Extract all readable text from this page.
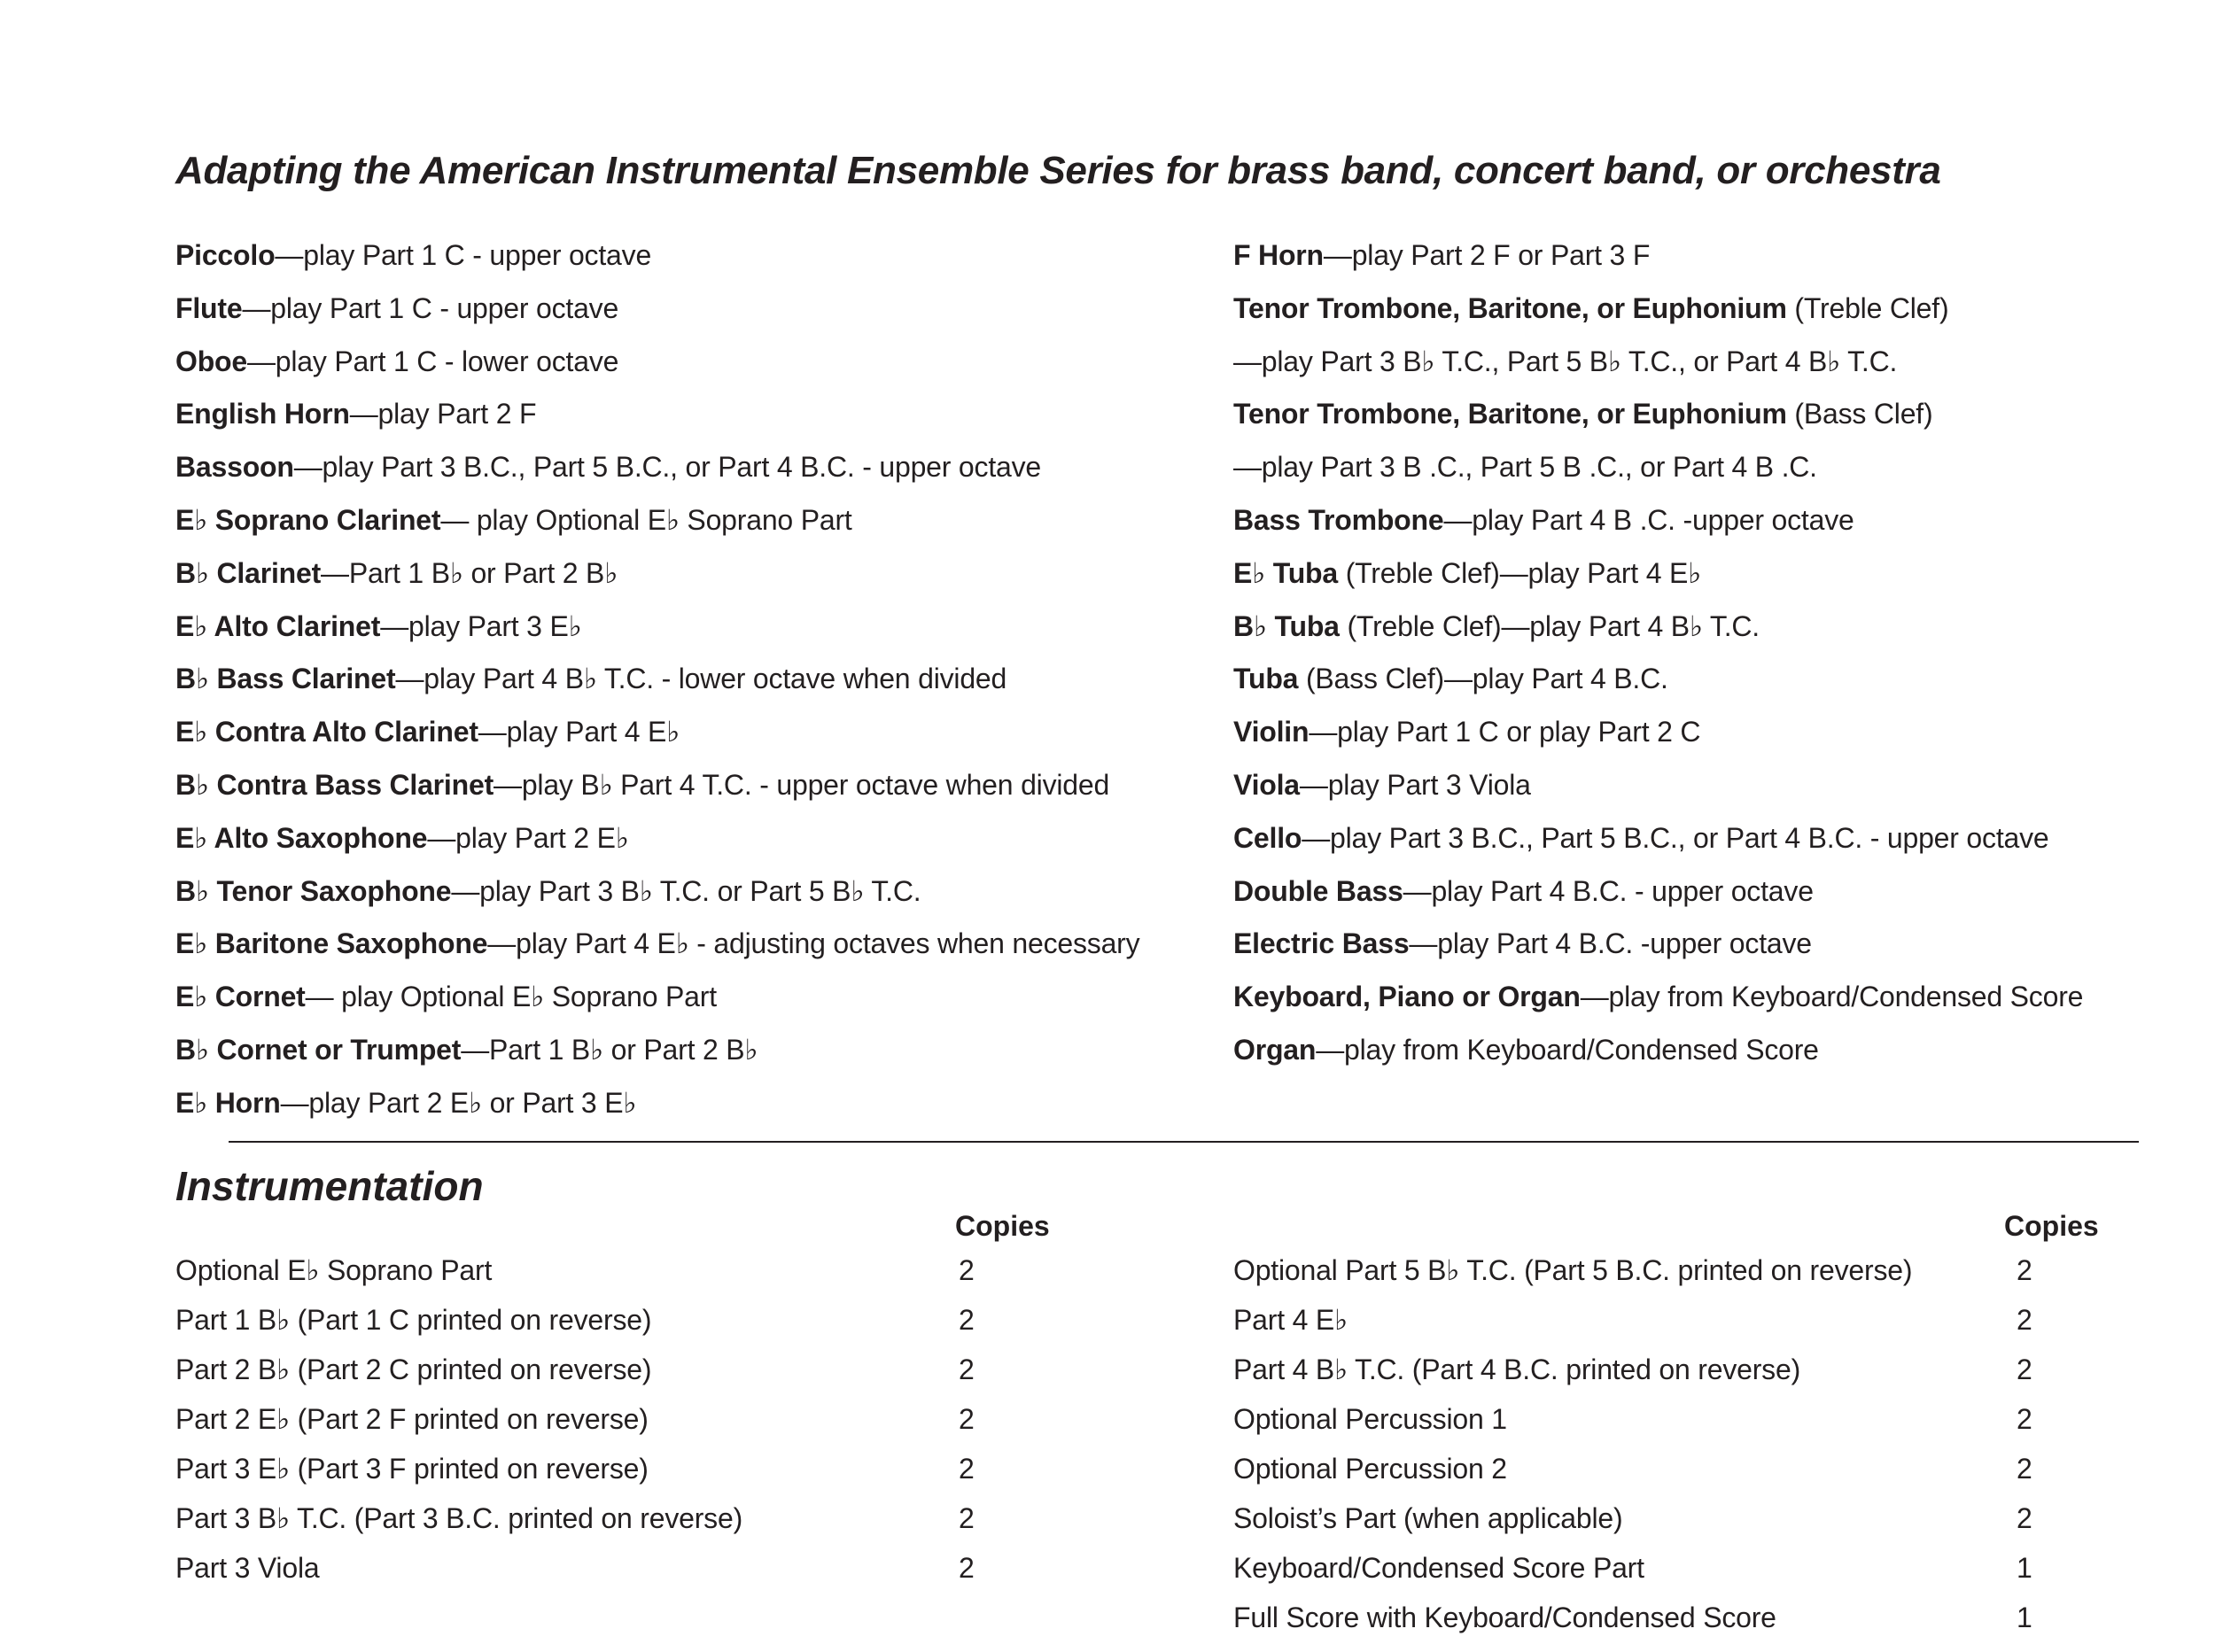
Adapting the American Instrumental Ensemble Series for brass band, concert band, or orchestra
Piccolo—play Part 1 C - upper octave
Flute—play Part 1 C - upper octave
Oboe—play Part 1 C - lower octave
English Horn—play Part 2 F
Bassoon—play Part 3 B.C., Part 5 B.C., or Part 4 B.C. - upper octave
E♭ Soprano Clarinet— play Optional E♭ Soprano Part
B♭ Clarinet—Part 1 B♭ or Part 2 B♭
E♭ Alto Clarinet—play Part 3 E♭
B♭ Bass Clarinet—play Part 4 B♭ T.C. - lower octave when divided
E♭ Contra Alto Clarinet—play Part 4 E♭
B♭ Contra Bass Clarinet—play B♭ Part 4 T.C. - upper octave when divided
E♭ Alto Saxophone—play Part 2 E♭
B♭ Tenor Saxophone—play Part 3 B♭ T.C. or Part 5 B♭ T.C.
E♭ Baritone Saxophone—play Part 4 E♭ - adjusting octaves when necessary
E♭ Cornet— play Optional E♭ Soprano Part
B♭ Cornet or Trumpet—Part 1 B♭ or Part 2 B♭
E♭ Horn—play Part 2 E♭ or Part 3 E♭
F Horn—play Part 2 F or Part 3 F
Tenor Trombone, Baritone, or Euphonium (Treble Clef)
—play Part 3 B♭ T.C., Part 5 B♭ T.C., or Part 4 B♭ T.C.
Tenor Trombone, Baritone, or Euphonium (Bass Clef)
—play Part 3 B .C., Part 5 B .C., or Part 4 B .C.
Bass Trombone—play Part 4 B .C. -upper octave
E♭ Tuba (Treble Clef)—play Part 4 E♭
B♭ Tuba (Treble Clef)—play Part 4 B♭ T.C.
Tuba (Bass Clef)—play Part 4 B.C.
Violin—play Part 1 C or play Part 2 C
Viola—play Part 3 Viola
Cello—play Part 3 B.C., Part 5 B.C., or Part 4 B.C. - upper octave
Double Bass—play Part 4 B.C. - upper octave
Electric Bass—play Part 4 B.C. -upper octave
Keyboard, Piano or Organ—play from Keyboard/Condensed Score
Organ—play from Keyboard/Condensed Score
Instrumentation
Copies	Copies
Optional E♭ Soprano Part	2
Part 1 B♭ (Part 1 C printed on reverse)	2
Part 2 B♭ (Part 2 C printed on reverse)	2
Part 2 E♭ (Part 2 F printed on reverse)	2
Part 3 E♭ (Part 3 F printed on reverse)	2
Part 3 B♭ T.C. (Part 3 B.C. printed on reverse)	2
Part 3 Viola	2
Optional Part 5 B♭ T.C. (Part 5 B.C. printed on reverse)	2
Part 4 E♭	2
Part 4 B♭ T.C. (Part 4 B.C. printed on reverse)	2
Optional Percussion 1	2
Optional Percussion 2	2
Soloist’s Part (when applicable)	2
Keyboard/Condensed Score Part	1
Full Score with Keyboard/Condensed Score	1
